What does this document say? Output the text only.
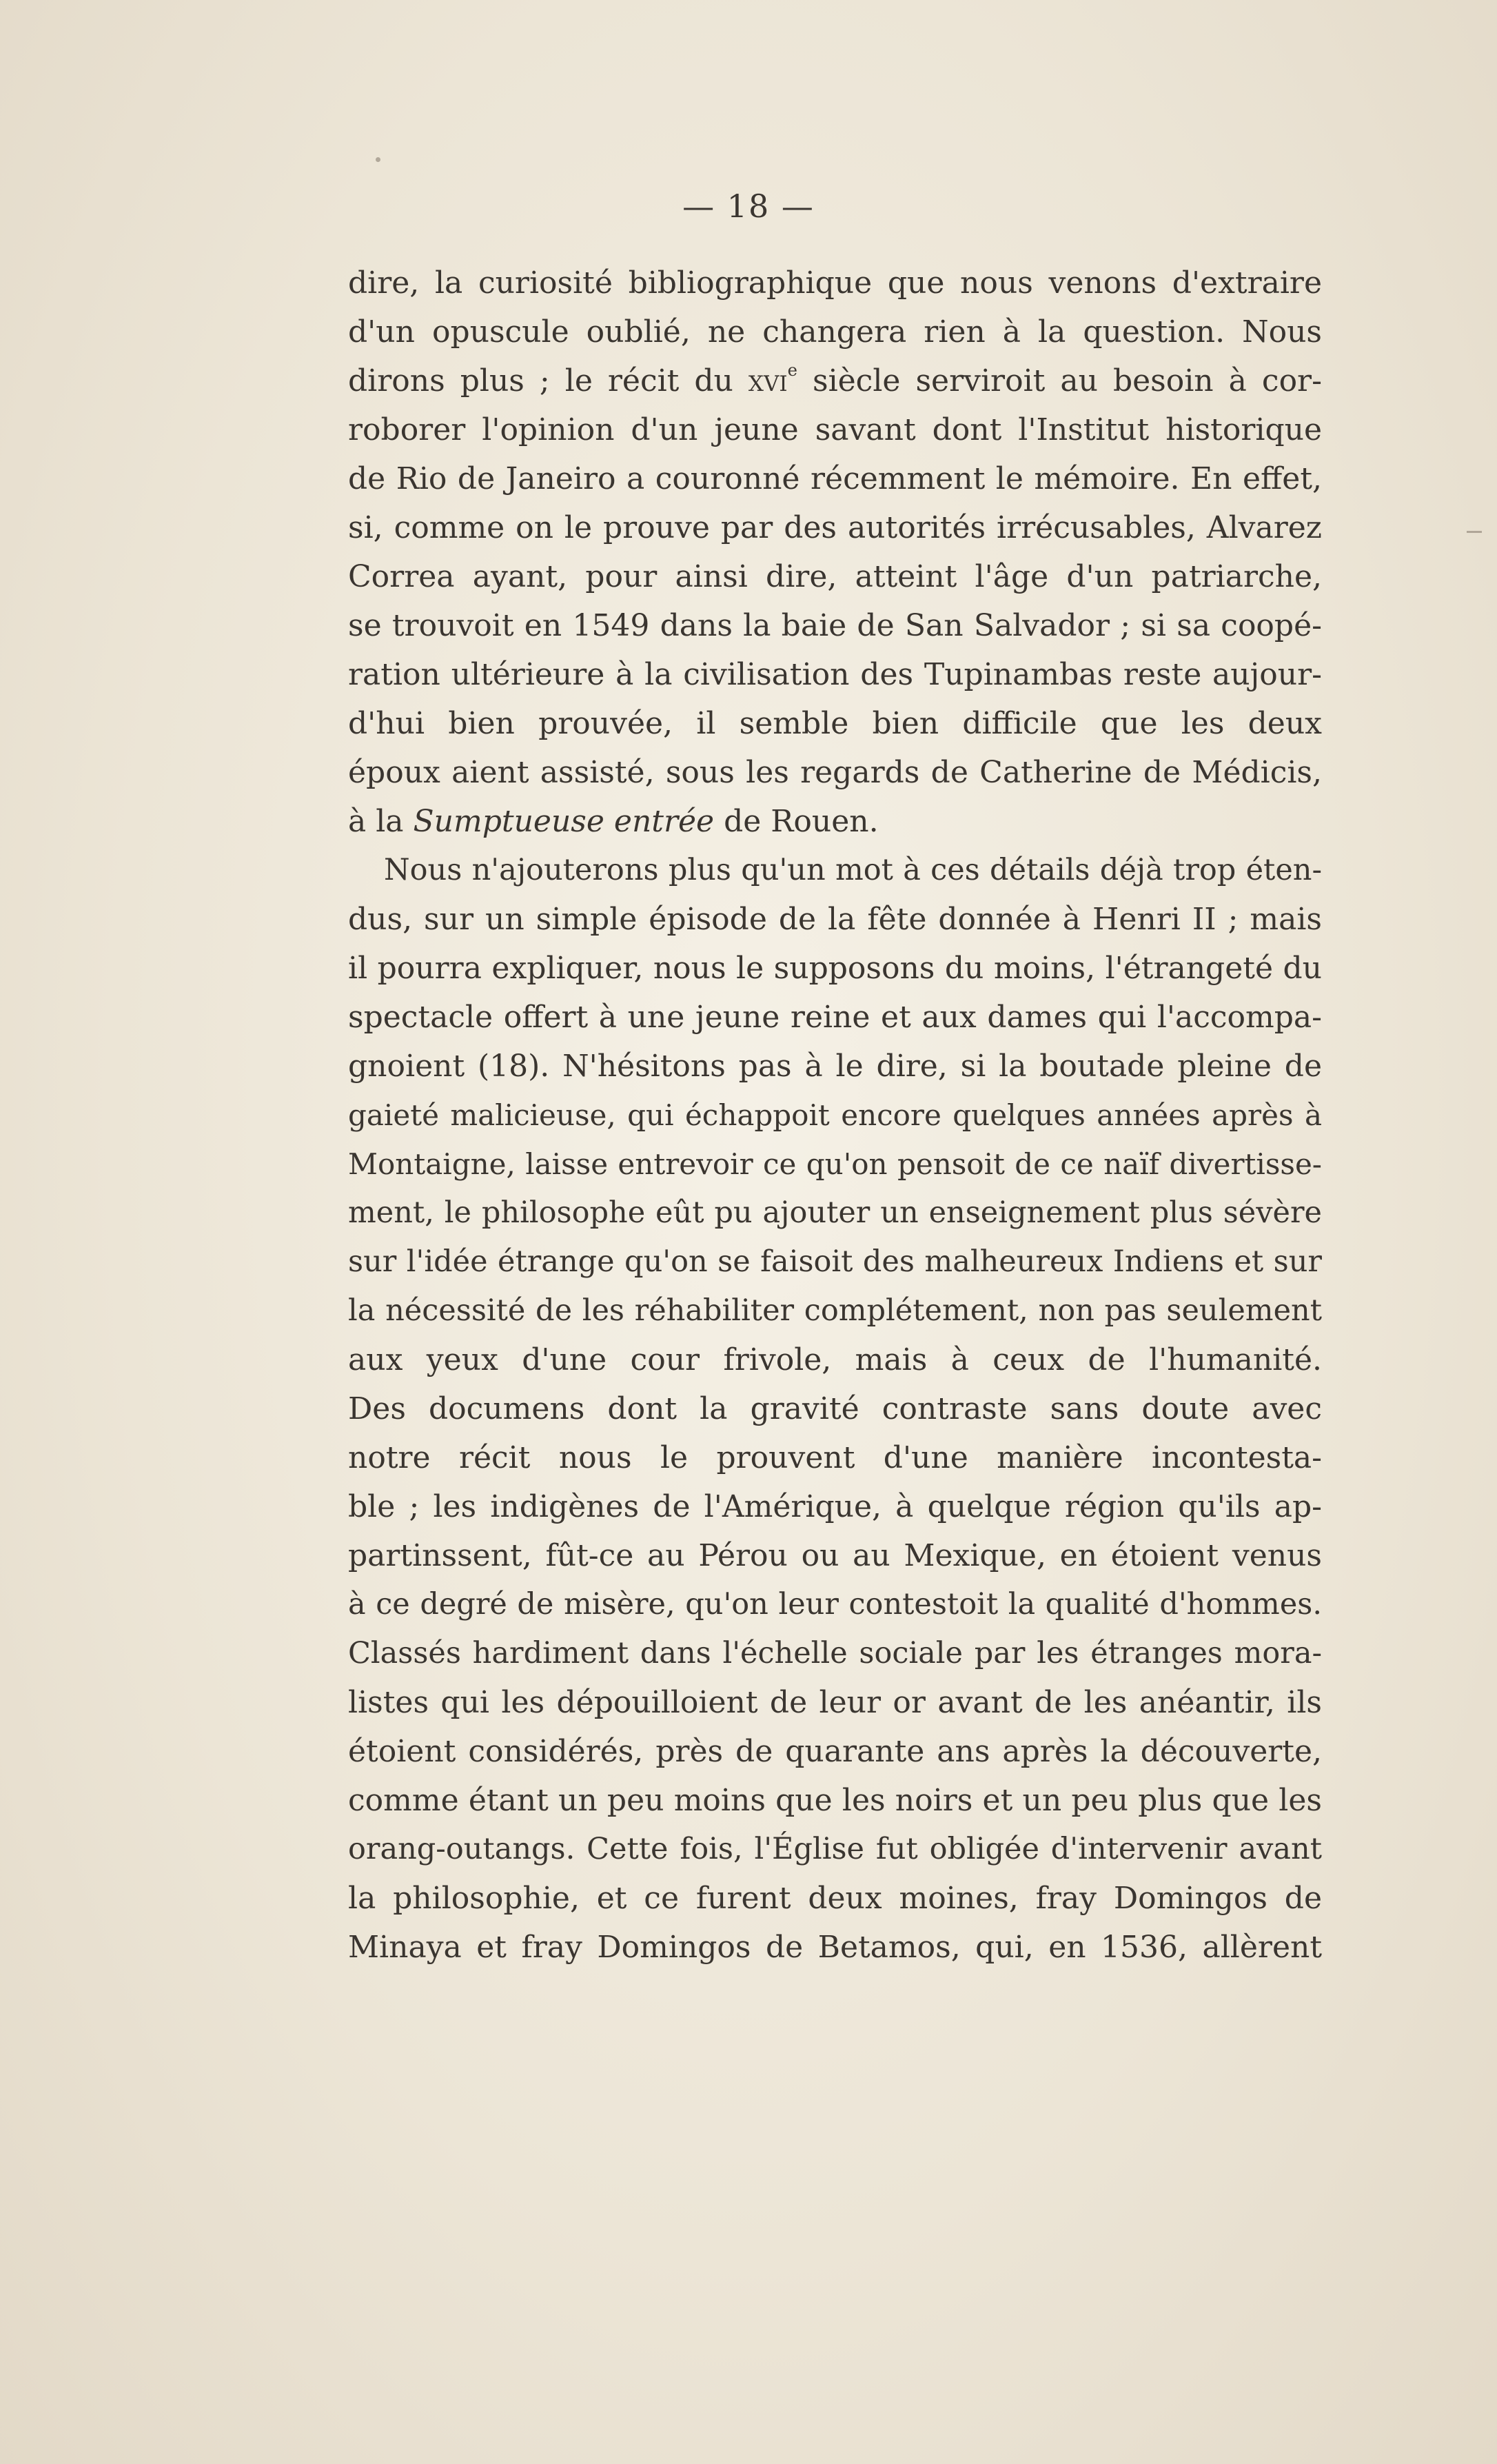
— 18 —
dire, la curiosité bibliographique que nous venons d'extraire
d'un opuscule oublié, ne changera rien à la question. Nous
dirons plus ; le récit du xvi$^e$ siècle serviroit au besoin à cor-
roborer l'opinion d'un jeune savant dont l'Institut historique
de Rio de Janeiro a couronné récemment le mémoire. En effet,
si, comme on le prouve par des autorités irrécusables, Alvarez
Correa ayant, pour ainsi dire, atteint l'âge d'un patriarche,
se trouvoit en 1549 dans la baie de San Salvador ; si sa coopé-
ration ultérieure à la civilisation des Tupinambas reste aujour-
d'hui bien prouvée, il semble bien difficile que les deux
époux aient assisté, sous les regards de Catherine de Médicis,
à la Sumptueuse entrée de Rouen.
Nous n'ajouterons plus qu'un mot à ces détails déjà trop éten-
dus, sur un simple épisode de la fête donnée à Henri II ; mais
il pourra expliquer, nous le supposons du moins, l'étrangeté du
spectacle offert à une jeune reine et aux dames qui l'accompa-
gnoient (18). N'hésitons pas à le dire, si la boutade pleine de
gaieté malicieuse, qui échappoit encore quelques années après à
Montaigne, laisse entrevoir ce qu'on pensoit de ce naïf divertisse-
ment, le philosophe eût pu ajouter un enseignement plus sévère
sur l'idée étrange qu'on se faisoit des malheureux Indiens et sur
la nécessité de les réhabiliter complétement, non pas seulement
aux yeux d'une cour frivole, mais à ceux de l'humanité.
Des documens dont la gravité contraste sans doute avec
notre récit nous le prouvent d'une manière incontesta-
ble ; les indigènes de l'Amérique, à quelque région qu'ils ap-
partinssent, fût-ce au Pérou ou au Mexique, en étoient venus
à ce degré de misère, qu'on leur contestoit la qualité d'hommes.
Classés hardiment dans l'échelle sociale par les étranges mora-
listes qui les dépouilloient de leur or avant de les anéantir, ils
étoient considérés, près de quarante ans après la découverte,
comme étant un peu moins que les noirs et un peu plus que les
orang-outangs. Cette fois, l'Église fut obligée d'intervenir avant
la philosophie, et ce furent deux moines, fray Domingos de
Minaya et fray Domingos de Betamos, qui, en 1536, allèrent
